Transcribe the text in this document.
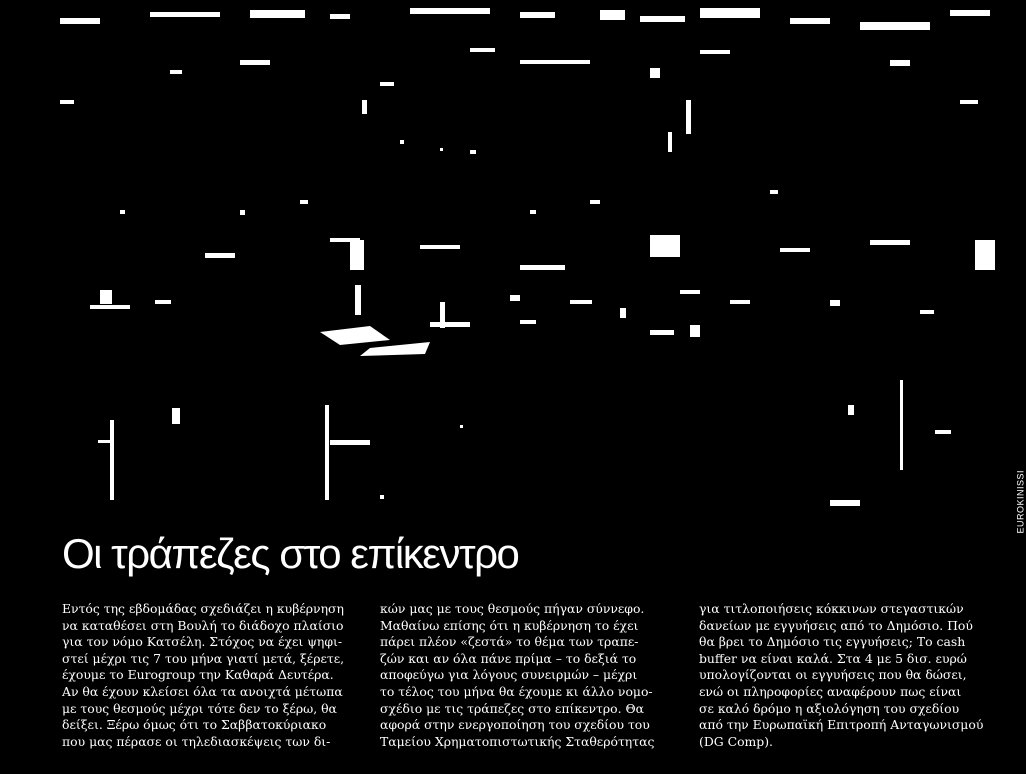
EUROKINISSI
Οι τράπεζες στο επίκεντρο

Εντός της εβδομάδας σχεδιάζει η κυβέρνηση

να καταθέσει στη Βουλή το διάδοχο πλαίσιο

για τον νόμο Κατσέλη. Στόχος να έχει ψηφι-

στεί μέχρι τις 7 του μήνα γιατί μετά, ξέρετε,

έχουμε το Eurogroup την Καθαρά Δευτέρα.

Αν θα έχουν κλείσει όλα τα ανοιχτά μέτωπα

με τους θεσμούς μέχρι τότε δεν το ξέρω, θα

δείξει. Ξέρω όμως ότι το Σαββατοκύριακο

που μας πέρασε οι τηλεδιασκέψεις των δι-

κών μας με τους θεσμούς πήγαν σύννεφο.

Μαθαίνω επίσης ότι η κυβέρνηση το έχει

πάρει πλέον «ζεστά» το θέμα των τραπε-

ζών και αν όλα πάνε πρίμα – το δεξιά το

αποφεύγω για λόγους συνειρμών – μέχρι

το τέλος του μήνα θα έχουμε κι άλλο νομο-

σχέδιο με τις τράπεζες στο επίκεντρο. Θα

αφορά στην ενεργοποίηση του σχεδίου του

Ταμείου Χρηματοπιστωτικής Σταθερότητας

για τιτλοποιήσεις κόκκινων στεγαστικών

δανείων με εγγυήσεις από το Δημόσιο. Πού

θα βρει το Δημόσιο τις εγγυήσεις; Το cash

buffer να είναι καλά. Στα 4 με 5 δισ. ευρώ

υπολογίζονται οι εγγυήσεις που θα δώσει,

ενώ οι πληροφορίες αναφέρουν πως είναι

σε καλό δρόμο η αξιολόγηση του σχεδίου

από την Ευρωπαϊκή Επιτροπή Ανταγωνισμού

(DG Comp).
